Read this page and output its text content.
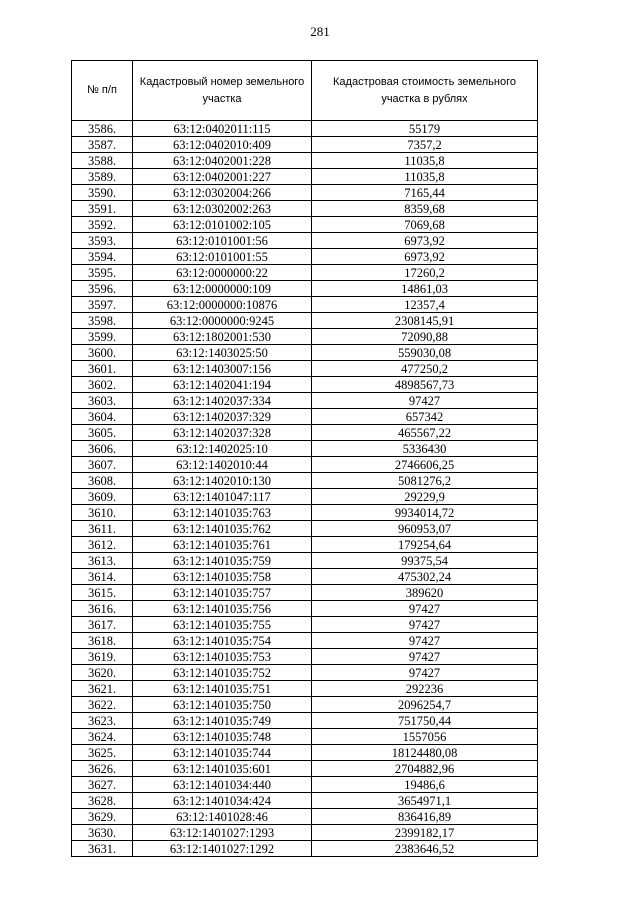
281
№ п/п	Кадастровый номер земельного участка	Кадастровая стоимость земельного участка в рублях
3586.	63:12:0402011:115	55179
3587.	63:12:0402010:409	7357,2
3588.	63:12:0402001:228	11035,8
3589.	63:12:0402001:227	11035,8
3590.	63:12:0302004:266	7165,44
3591.	63:12:0302002:263	8359,68
3592.	63:12:0101002:105	7069,68
3593.	63:12:0101001:56	6973,92
3594.	63:12:0101001:55	6973,92
3595.	63:12:0000000:22	17260,2
3596.	63:12:0000000:109	14861,03
3597.	63:12:0000000:10876	12357,4
3598.	63:12:0000000:9245	2308145,91
3599.	63:12:1802001:530	72090,88
3600.	63:12:1403025:50	559030,08
3601.	63:12:1403007:156	477250,2
3602.	63:12:1402041:194	4898567,73
3603.	63:12:1402037:334	97427
3604.	63:12:1402037:329	657342
3605.	63:12:1402037:328	465567,22
3606.	63:12:1402025:10	5336430
3607.	63:12:1402010:44	2746606,25
3608.	63:12:1402010:130	5081276,2
3609.	63:12:1401047:117	29229,9
3610.	63:12:1401035:763	9934014,72
3611.	63:12:1401035:762	960953,07
3612.	63:12:1401035:761	179254,64
3613.	63:12:1401035:759	99375,54
3614.	63:12:1401035:758	475302,24
3615.	63:12:1401035:757	389620
3616.	63:12:1401035:756	97427
3617.	63:12:1401035:755	97427
3618.	63:12:1401035:754	97427
3619.	63:12:1401035:753	97427
3620.	63:12:1401035:752	97427
3621.	63:12:1401035:751	292236
3622.	63:12:1401035:750	2096254,7
3623.	63:12:1401035:749	751750,44
3624.	63:12:1401035:748	1557056
3625.	63:12:1401035:744	18124480,08
3626.	63:12:1401035:601	2704882,96
3627.	63:12:1401034:440	19486,6
3628.	63:12:1401034:424	3654971,1
3629.	63:12:1401028:46	836416,89
3630.	63:12:1401027:1293	2399182,17
3631.	63:12:1401027:1292	2383646,52
